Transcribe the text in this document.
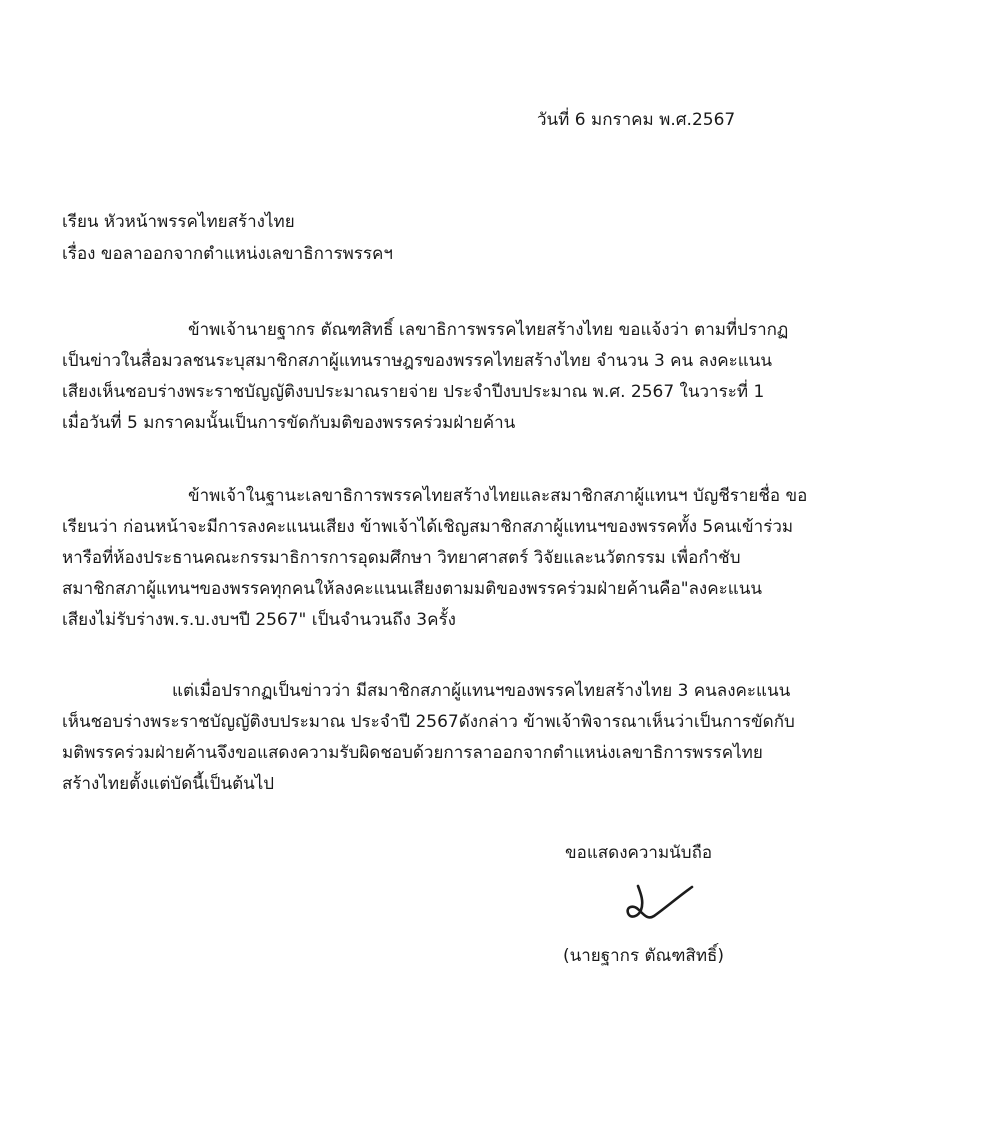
วันที่ 6 มกราคม พ.ศ.2567
เรียน หัวหน้าพรรคไทยสร้างไทย
เรื่อง ขอลาออกจากตำแหน่งเลขาธิการพรรคฯ
ข้าพเจ้านายฐากร ตัณฑสิทธิ์ เลขาธิการพรรคไทยสร้างไทย ขอแจ้งว่า ตามที่ปรากฏ
เป็นข่าวในสื่อมวลชนระบุสมาชิกสภาผู้แทนราษฎรของพรรคไทยสร้างไทย จำนวน 3 คน ลงคะแนน
เสียงเห็นชอบร่างพระราชบัญญัติงบประมาณรายจ่าย ประจำปีงบประมาณ พ.ศ. 2567 ในวาระที่ 1
เมื่อวันที่ 5 มกราคมนั้นเป็นการขัดกับมติของพรรคร่วมฝ่ายค้าน
ข้าพเจ้าในฐานะเลขาธิการพรรคไทยสร้างไทยและสมาชิกสภาผู้แทนฯ บัญชีรายชื่อ ขอ
เรียนว่า ก่อนหน้าจะมีการลงคะแนนเสียง ข้าพเจ้าได้เชิญสมาชิกสภาผู้แทนฯของพรรคทั้ง 5คนเข้าร่วม
หารือที่ห้องประธานคณะกรรมาธิการการอุดมศึกษา วิทยาศาสตร์ วิจัยและนวัตกรรม เพื่อกำชับ
สมาชิกสภาผู้แทนฯของพรรคทุกคนให้ลงคะแนนเสียงตามมติของพรรคร่วมฝ่ายค้านคือ"ลงคะแนน
เสียงไม่รับร่างพ.ร.บ.งบฯปี 2567" เป็นจำนวนถึง 3ครั้ง
แต่เมื่อปรากฏเป็นข่าวว่า มีสมาชิกสภาผู้แทนฯของพรรคไทยสร้างไทย 3 คนลงคะแนน
เห็นชอบร่างพระราชบัญญัติงบประมาณ ประจำปี 2567ดังกล่าว ข้าพเจ้าพิจารณาเห็นว่าเป็นการขัดกับ
มติพรรคร่วมฝ่ายค้านจึงขอแสดงความรับผิดชอบด้วยการลาออกจากตำแหน่งเลขาธิการพรรคไทย
สร้างไทยตั้งแต่บัดนี้เป็นต้นไป
ขอแสดงความนับถือ
(นายฐากร ตัณฑสิทธิ์)
